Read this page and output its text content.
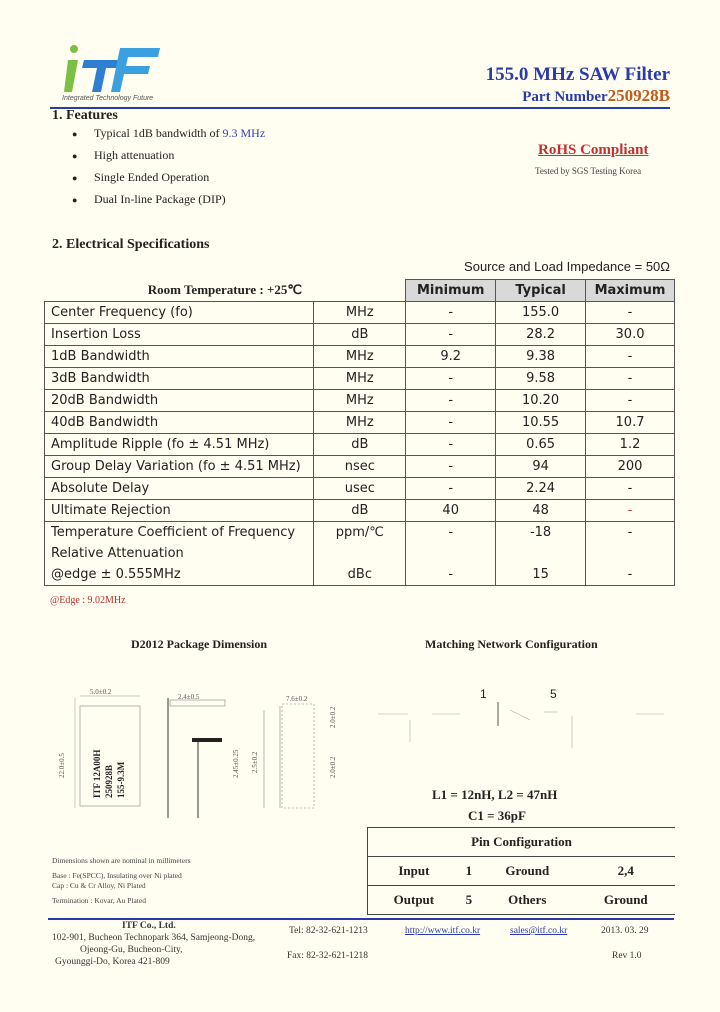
Integrated Technology Future
155.0 MHz SAW Filter
Part Number250928B
1. Features
● Typical 1dB bandwidth of 9.3 MHz
● High attenuation
● Single Ended Operation
● Dual In-line Package (DIP)
RoHS Compliant
Tested by SGS Testing Korea
2. Electrical Specifications
Source and Load Impedance = 50Ω
Room Temperature : +25℃		Minimum	Typical	Maximum
Center Frequency (fo)	MHz	-	155.0	-
Insertion Loss	dB	-	28.2	30.0
1dB Bandwidth	MHz	9.2	9.38	-
3dB Bandwidth	MHz	-	9.58	-
20dB Bandwidth	MHz	-	10.20	-
40dB Bandwidth	MHz	-	10.55	10.7
Amplitude Ripple (fo ± 4.51 MHz)	dB	-	0.65	1.2
Group Delay Variation (fo ± 4.51 MHz)	nsec	-	94	200
Absolute Delay	usec	-	2.24	-
Ultimate Rejection	dB	40	48	-
Temperature Coefficient of Frequency	ppm/℃	-	-18	-
Relative Attenuation				
@edge ± 0.555MHz	dBc	-	15	-
@Edge : 9.02MHz
D2012 Package Dimension
5.0±0.2
22.0±0.5	ITF 12A00H 250928B 155-9.3M
2.4±0.5
2.45±0.25 2.5±0.2
7.6±0.2
2.0±0.2
2.0±0.2
Dimensions shown are nominal in millimeters
Base : Fe(SPCC), Insulating over Ni plated
Cap : Cu & Cr Alloy, Ni Plated
Termination : Kovar, Au Plated
Matching Network Configuration
1	5
L1 = 12nH, L2 = 47nH
C1 = 36pF
Pin Configuration			
Input	1	Ground	2,4
Output	5	Others	Ground
ITF Co., Ltd.
102-901, Bucheon Technopark 364, Samjeong-Dong,
Ojeong-Gu, Bucheon-City,
Gyounggi-Do, Korea 421-809
Tel: 82-32-621-1213
Fax: 82-32-621-1218
http://www.itf.co.kr	sales@itf.co.kr	2013. 03. 29
Rev 1.0
